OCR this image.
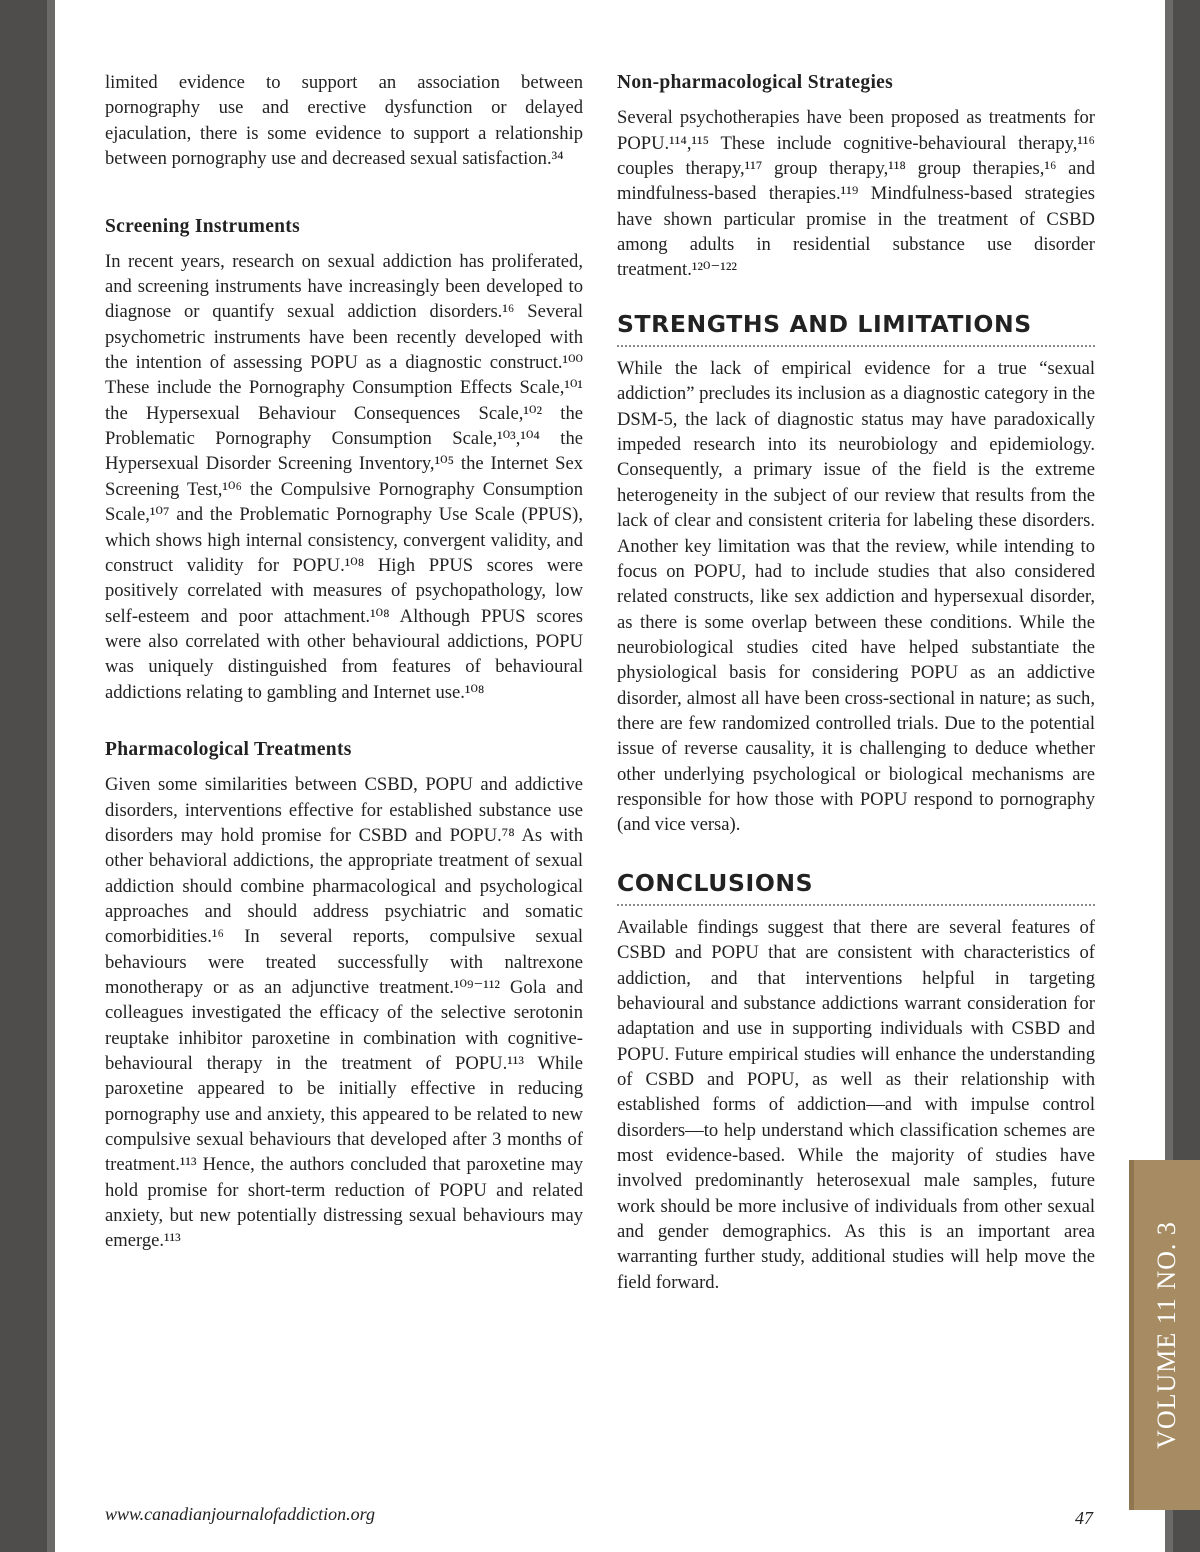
limited evidence to support an association between pornography use and erective dysfunction or delayed ejaculation, there is some evidence to support a relationship between pornography use and decreased sexual satisfaction.³⁴

Screening Instruments

In recent years, research on sexual addiction has proliferated, and screening instruments have increasingly been developed to diagnose or quantify sexual addiction disorders.¹⁶ Several psychometric instruments have been recently developed with the intention of assessing POPU as a diagnostic construct.¹⁰⁰ These include the Pornography Consumption Effects Scale,¹⁰¹ the Hypersexual Behaviour Consequences Scale,¹⁰² the Problematic Pornography Consumption Scale,¹⁰³,¹⁰⁴ the Hypersexual Disorder Screening Inventory,¹⁰⁵ the Internet Sex Screening Test,¹⁰⁶ the Compulsive Pornography Consumption Scale,¹⁰⁷ and the Problematic Pornography Use Scale (PPUS), which shows high internal consistency, convergent validity, and construct validity for POPU.¹⁰⁸ High PPUS scores were positively correlated with measures of psychopathology, low self-esteem and poor attachment.¹⁰⁸ Although PPUS scores were also correlated with other behavioural addictions, POPU was uniquely distinguished from features of behavioural addictions relating to gambling and Internet use.¹⁰⁸

Pharmacological Treatments

Given some similarities between CSBD, POPU and addictive disorders, interventions effective for established substance use disorders may hold promise for CSBD and POPU.⁷⁸ As with other behavioral addictions, the appropriate treatment of sexual addiction should combine pharmacological and psychological approaches and should address psychiatric and somatic comorbidities.¹⁶ In several reports, compulsive sexual behaviours were treated successfully with naltrexone monotherapy or as an adjunctive treatment.¹⁰⁹⁻¹¹² Gola and colleagues investigated the efficacy of the selective serotonin reuptake inhibitor paroxetine in combination with cognitive-behavioural therapy in the treatment of POPU.¹¹³ While paroxetine appeared to be initially effective in reducing pornography use and anxiety, this appeared to be related to new compulsive sexual behaviours that developed after 3 months of treatment.¹¹³ Hence, the authors concluded that paroxetine may hold promise for short-term reduction of POPU and related anxiety, but new potentially distressing sexual behaviours may emerge.¹¹³

Non-pharmacological Strategies

Several psychotherapies have been proposed as treatments for POPU.¹¹⁴,¹¹⁵ These include cognitive-behavioural therapy,¹¹⁶ couples therapy,¹¹⁷ group therapy,¹¹⁸ group therapies,¹⁶ and mindfulness-based therapies.¹¹⁹ Mindfulness-based strategies have shown particular promise in the treatment of CSBD among adults in residential substance use disorder treatment.¹²⁰⁻¹²²

STRENGTHS AND LIMITATIONS

While the lack of empirical evidence for a true “sexual addiction” precludes its inclusion as a diagnostic category in the DSM-5, the lack of diagnostic status may have paradoxically impeded research into its neurobiology and epidemiology. Consequently, a primary issue of the field is the extreme heterogeneity in the subject of our review that results from the lack of clear and consistent criteria for labeling these disorders. Another key limitation was that the review, while intending to focus on POPU, had to include studies that also considered related constructs, like sex addiction and hypersexual disorder, as there is some overlap between these conditions. While the neurobiological studies cited have helped substantiate the physiological basis for considering POPU as an addictive disorder, almost all have been cross-sectional in nature; as such, there are few randomized controlled trials. Due to the potential issue of reverse causality, it is challenging to deduce whether other underlying psychological or biological mechanisms are responsible for how those with POPU respond to pornography (and vice versa).

CONCLUSIONS

Available findings suggest that there are several features of CSBD and POPU that are consistent with characteristics of addiction, and that interventions helpful in targeting behavioural and substance addictions warrant consideration for adaptation and use in supporting individuals with CSBD and POPU. Future empirical studies will enhance the understanding of CSBD and POPU, as well as their relationship with established forms of addiction—and with impulse control disorders—to help understand which classification schemes are most evidence-based. While the majority of studies have involved predominantly heterosexual male samples, future work should be more inclusive of individuals from other sexual and gender demographics. As this is an important area warranting further study, additional studies will help move the field forward.	VOLUME 11 NO. 3
www.canadianjournalofaddiction.org	47
